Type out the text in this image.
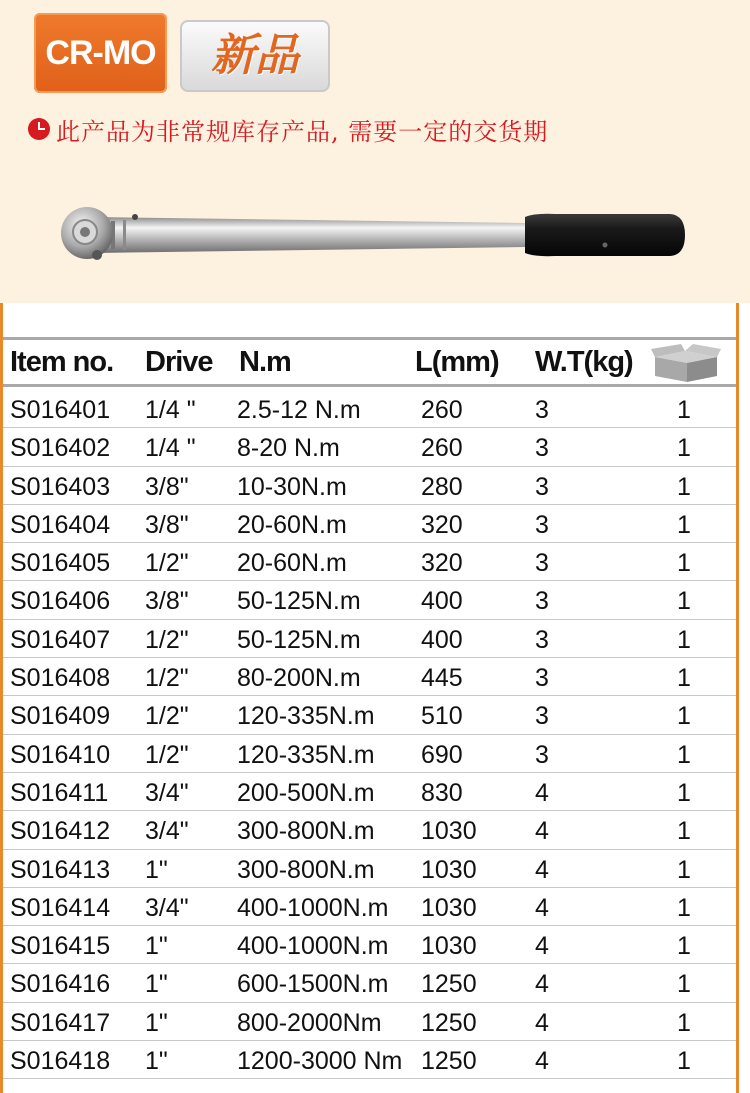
CR-MO	新品
此产品为非常规库存产品, 需要一定的交货期
Item no. Drive N.m	L(mm) W.T(kg)
S016401 1/4 " 2.5-12 N.m 260	3	1
S016402 1/4 " 8-20 N.m	260	3	1
S016403 3/8" 10-30N.m	280	3	1
S016404 3/8" 20-60N.m	320	3	1
S016405 1/2" 20-60N.m	320	3	1
S016406 3/8" 50-125N.m 400	3	1
S016407 1/2" 50-125N.m 400	3	1
S016408 1/2" 80-200N.m 445	3	1
S016409 1/2" 120-335N.m 510	3	1
S016410 1/2" 120-335N.m 690	3	1
S016411 3/4" 200-500N.m 830	4	1
S016412 3/4" 300-800N.m 1030 4	1
S016413 1"	300-800N.m 1030 4	1
S016414 3/4" 400-1000N.m 1030 4	1
S016415 1"	400-1000N.m 1030 4	1
S016416 1"	600-1500N.m 1250 4	1
S016417 1"	800-2000Nm 1250 4	1
S016418 1"	1200-3000 Nm 1250 4	1
